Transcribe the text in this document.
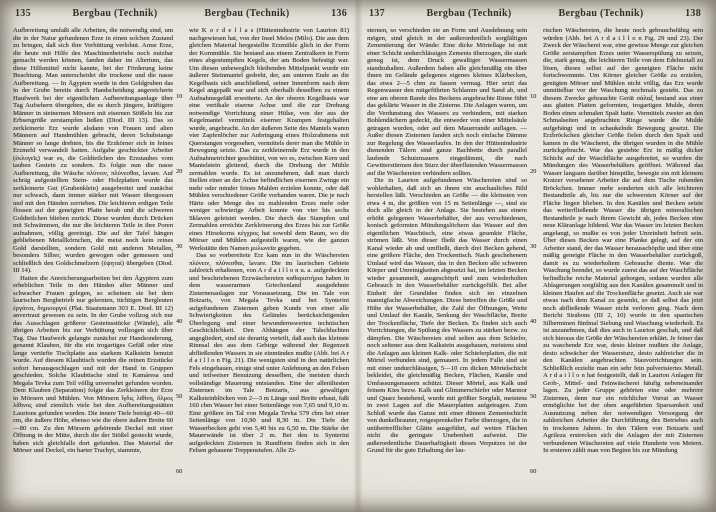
135	Bergbau (Technik)	Bergbau (Technik)	136

Aufbereitung umfaßt alle Arbeiten, die notwendig sind, um die in der Natur gefundenen Erze in einen solchen Zustand zu bringen, daß sich ihre Verhüttung verlohnt. Arme Erze, die heute mit Hilfe des Maschinenbetriebs noch nutzbar gemacht werden können, fanden daher im Altertum, das diese Hilfsmittel nicht kannte, bei der Förderung keine Beachtung. Man unterscheidet die trockene und die nasse Aufbereitung. — In Ägypten wurde in den Goldgruben das in der Grube bereits durch Handscheidung angereicherte Haufwerk bei der eigentlichen Aufbereitungsanlage über Tag Aufsehern übergeben, die es durch jüngere, kräftigere Männer in steinernen Mörsern mit eisernen Stößeln bis zur Erbsengröße zerstampfen ließen (Diod. III 13). Das so zerkleinerte Erz wurde alsdann von Frauen und alten Männern auf Handmühlen gebracht, deren Schubstange Männer so lange drehten, bis die Erzkörner sich in feines Erzmehl verwandelt hatten. Aufgabe geschickter Arbeiter (ἐκλογεῖς) war es, die Goldteilchen des Erzstaubes vom tauben Gestein zu sondern. Es folgte nun die nasse Aufbereitung, die Wäsche πλύνειν, πλύνεσθαι, lavare. Auf schräg aufgestellten Stein- oder Holzplatten wurde das zerkleinerte Gut (Grubenklein) ausgebreitet und zunächst nur schwach, dann immer stärker mit Wasser übergossen und mit den Händen zerrieben. Die leichteren erdigen Teile flossen auf der geneigten Platte herab und die schweren Goldteilchen blieben zurück. Diese wurden durch Drücken mit Schwämmen, die nur die leichteren Teile in ihre Poren aufnahmen, völlig gereinigt. Die auf der Tafel hängen gebliebenen Metallkörnchen, die meist noch kein reines Gold darstellten, sondern Gold mit anderen Metallen, besonders Silber, wurden gewogen oder gemessen und schließlich den Goldschmelzern (ἑψηταί) übergeben (Diod. III 14).

Hatten die Anreicherungsarbeiten bei den Ägyptern zum erheblichen Teile in den Händen alter Männer und schwacher Frauen gelegen, so scheinen sie bei dem laurischen Bergbetrieb nur gelernten, tüchtigen Bergleuten ἐργάται, δημιουργοί (Plat. Staatsmann 303 E. Diod. III 12) anvertraut gewesen zu sein. In der Grube vollzog sich nur das Ausschlagen größerer Gesteinsstücke (Wände), alle übrigen Arbeiten bis zur Verhüttung vollzogen sich über Tag. Das Haufwerk gelangte zunächst zur Handsonderung, genannt Klauben, für die ein trogartiges Gefäß oder eine lange vertiefte Tischplatte aus starkem Kalkstein benutzt wurde. Auf diesem Klaubtisch wurden die reinen Erzstücke sofort herausgeschlagen und mit der Hand in Gruppen geschieden. Solche Klaubtische sind in Kamáresa und Megala Tevka zum Teil völlig unversehrt gefunden worden. Dem Klauben (Separation) folgte das Zerkleinern der Erze in Mörsern und Mühlen. Von Mörsern ἴγδις λιθίνη, ὅλμος λίθινος sind ziemlich viele bei den Aufbereitungsstätten Laurions gefunden worden. Die innere Tiefe beträgt 40—60 cm, die äußere Höhe, ebenso wie die obere äußere Breite 60—80 cm. Zu den Mörsern gehörende Deckel mit einer Öffnung in der Mitte, durch die der Stößel gesteckt wurde, haben sich gleichfalls dort gefunden. Das Material der Mörser und Deckel, ein harter Trachyt, stammte,

10
20
30
40
50
60

wie K o r d e l l a s (Hüttenindustrie von Laurion 81) nachgewiesen hat, von der Insel Melos (Milo). Die aus dem gleichen Material hergestellte Erzmühle glich in der Form der Kornmühle. Sie bestand aus einem Zentralkern in Form eines abgestumpften Kegels, der am Boden befestigt war. Um diesen unbeweglich bleibenden Mittelpunkt wurde ein äußerer Steinmantel gedreht, der, am unteren Ende an die Kegelbasis sich anschließend, seiner Innenform nach dem Kegel angepaßt war und sich oberhalb desselben zu einem Aufnahmegefäß erweiterte. An der oberen Kegelbasis war eine vertikale eiserne Achse und die zur Drehung notwendige Vorrichtung einer Hülse, von der aus der Kegelmantel vermittels eiserner Krampen festgehalten wurde, angebracht. An der äußeren Seite des Mantels waren vier Zapfenlöcher zur Anbringung eines Holzrahmens mit Querstangen vorgesehen, vermittels derer man die Mühle in Bewegung setzte. Das zu zerkleinernde Erz wurde in den Aufnahmetrichter geschüttet, von wo es, zwischen Kern und Mantelstein gleitend, durch die Drehung der Mühle zermahlen wurde. Es ist anzunehmen, daß man durch Stellen einer an der Achse befindlichen eisernen Zwinge ein mehr oder minder feines Mahlen erzielen konnte, oder daß Mühlen verschiedener Größe vorhanden waren. Die je nach Härte oder Menge des zu mahlenden Erzes mehr oder weniger schwierige Arbeit konnte von vier bis sechs Sklaven geleistet werden. Die durch das Stampfen und Zermahlen erreichte Zerkleinerung des Erzes bis zur Größe eines Hirsekorns κέγχρος hat sowohl dem Raum, wo die Mörser und Mühlen aufgestellt waren, wie der ganzen Werkstätte den Namen μυλωνεῖα gegeben.

Das so vorbereitete Erz kam nun in die Wäschereien πλύνειν, πλύνεσθαι, lavare. Die im laurischen Gebiete zahlreich erhaltenen, von A r d a i l l o n u. a. aufgedeckten und beschriebenen Erzwäschereien καθαριστήρια haben in dem wasserarmen Griechenland ausgedehnte Zisternenanlagen zur Voraussetzung. Die im Tale von Botzaris, von Megala Tevka und bei Synterini aufgefundenen Zisternen geben Kunde von einer alle Schwierigkeiten des Geländes berücksichtigenden Überlegung und einer bewundernswerten technischen Geschicklichkeit. Den Abhängen der Talschluchten angegliedert, sind sie derartig verteilt, daß auch das kleinste Rinnsal des aus dem Gebirge während der Regenzeit abfließenden Wassers in sie einmünden mußte (Abb. bei A r d a i l l o n Fig. 21). Die wenigsten sind in den natürlichen Fels eingehauen, einige sind unter Anlehnung an den Felsen und teilweiser Benutzung desselben, die meisten durch vollständige Mauerung entstanden. Eine der allerältesten Zisternen im Tale Botzaris, aus gewaltigen Kalksteinblöcken von 2—3 m Länge und Breite erbaut, faßt 160 cbm Wasser bei einer Seitenlänge von 7,65 und 9,10 m. Eine größere im Tal von Megala Tevka 579 cbm bei einer Seitenlänge von 10,90 und 8,30 m. Die Tiefe der Wasserbecken geht von 5,40 bis zu 6,50 m. Die Stärke der Mauerwände ist über 2 m. Bei den in Synterini aufgedeckten Zisternen in Rundform finden sich in den Felsen gehauene Treppenstufen. Alle Zi-

137	Bergbau (Technik)	Bergbau (Technik)	138

sternen, so verschieden sie an Form und Ausdehnung sein mögen, sind gleich in der außerordentlich sorgfältigen Zementierung der Wände: Eine dicke Mörtellage ist mit einer Schicht undurchlässigen Zements überzogen, die stark genug ist, dem Druck gewaltiger Wassermassen standzuhalten. Außerdem haben alle gleichmäßig ein über ihnen im Gelände gelegenes eigenes kleines Klärbecken, das etwa 2—5 cbm zu fassen vermag. Hier setzt das Regenwasser den mitgeführten Schlamm und Sand ab, und eine am oberen Rande des Beckens angebrachte Rinne führt das geklärte Wasser in die Zisterne. Die Anlagen waren, um die Verdunstung des Wassers zu verhindern, mit starken Bohlendächern gedeckt, die entweder von einer Mittelsäule getragen wurden, oder auf dem Mauerrande auflagen. — Außer diesen Zisternen fanden sich noch einfache Dämme zur Regelung des Wasserlaufes. In den der Hüttenindustrie dienenden Tälern sind ganze Bachbette durch parallel laufende Schutzmauern eingedämmt, die nach Gewitterstürmen den Sturz der überflutenden Wassermassen auf die Wäschereien verhindern sollten.

Die in Laurion aufgefundenen Wäschereien sind so wohlerhalten, daß sich an ihnen ein anschauliches Bild herstellen läßt. Verschieden an Größe — die kleinsten von etwa 4 m, die größten von 15 m Seitenlänge —, sind sie doch alle gleich in der Anlage. Sie bestehen aus einem erhöht gelegenen Wasserbehälter, der aus verschiedenen, konisch geformten Mündungslöchern das Wasser auf den eigentlichen Waschtisch, eine etwas gesenkte Fläche, strömen läßt. Von dieser fließt das Wasser durch einen Kanal wieder ab und umfließt, durch drei Becken gehend, eine größere Fläche, den Trockentisch. Nach geschehenem Umlauf wird das Wasser, das in den Becken alle schweren Körper und Unreinigkeiten abgesetzt hat, im letzten Becken wieder gesammelt, ausgeschöpft und zum wiederholten Gebrauch in den Wasserbehälter zurückgefüllt. Bei aller Einheit der Grundidee finden sich im einzelnen mannigfache Abweichungen. Diese betreffen die Größe und Höhe der Wasserbehälter, die Zahl der Öffnungen, Weite und Umlauf der Kanäle, Senkung der Waschfläche, Breite der Trockenfläche, Tiefe der Becken. Es finden sich auch Vorrichtungen, die Spülung des Wassers zu stärken bezw. zu dämpfen. Die Wäschereien sind selten aus dem Schiefer, noch seltener aus dem Kalkstein ausgehauen, meistens sind die Anlagen aus kleinen Kalk- oder Schieferplatten, die mit Mörtel verbunden sind, gemauert. In jedem Falle sind sie mit einer undurchlässigen, 5—10 cm dicken Mörtelschicht bekleidet, die gleichmäßig Becken, Flächen, Kanäle und Umfassungsmauern schützt. Dieser Mörtel, aus Kalk und feinem Kies bezw. Kalk und Glimmerschiefer oder Marmor und Quarz bestehend, wurde mit größter Sorgfalt, meistens in zwei Lagen auf die Mauerplatten aufgetragen. Zum Schluß wurde das Ganze mit einer dünnen Zementschicht von dunkelbrauner, rotgesprenkelter Farbe überzogen, die in unübertrefflicher Glätte ausgeführt, auf weiten Flächen nicht die geringste Unebenheit aufweist. Die außerordentliche Dauerhaftigkeit dieses Verputzes ist der Grund für die gute Erhaltung der lau-

10
20
30
40
50
60

rischen Wäschereien, die heute noch gebrauchsfähig sein würden (Abb. bei A r d a i l l o n Fig. 29 und 23). Der Zweck der Wäscherei war, eine gewisse Menge zur gleichen Größe zerstampften Erzes unter Wasserspülung zu setzen, die, stark genug, die leichteren Teile von dem Edelmetall zu lösen, dieses selbst auf der geneigten Fläche nicht fortschwemmte. Um Körner gleicher Größe zu erzielen, genügten Mörser und Mühlen nicht völlig, das Erz wurde unmittelbar vor der Waschung nochmals gesiebt. Das zu diesem Zwecke gebrauchte Gerät σάλαξ bestand aus einer aus glatten Platten geformten, trogartigen Mulde, deren Boden einen schmalen Spalt hatte. Vermittels zweier an den Schmalseiten angebrachten Ringe wurde die Mulde aufgehängt und in schaukelnde Bewegung gesetzt. Die Erzbröckchen gleicher Größe fielen durch den Spalt und kamen in die Wäscherei, die übrigen wurden in die Mühle zurückgebracht. War das gesiebte Erz in mäßig dicker Schicht auf der Waschfläche ausgebreitet, so wurden die Mündungen des Wasserbehälters geöffnet. Während das Wasser langsam darüber hinspülte, bewegte ein mit kleinem Kratzer versehener Arbeiter die auf dem Tische ruhenden Bröckchen. Immer mehr sonderten sich alle leichteren Bestandteile ab, bis nur die schwersten Körner auf der Fläche liegen blieben. In den Kanälen und Becken setzte das weiterfließende Wasser die übrigen mineralischen Bestandteile je nach ihrem Gewicht ab, jedes Becken eine neue Kläranlage bildend. War das Wasser im letzten Becken angelangt, so mußte es von jeder Unreinheit befreit sein. Über dieses Becken war eine Planke gelegt, auf der ein Arbeiter stand, der das Wasser herausschöpfte und über eine mäßig geneigte Fläche in den Wasserbehälter zurückgoß, damit es zu wiederholtem Gebrauche diente. War die Waschung beendet, so wurde zuerst das auf der Waschfläche befindliche reiche Material geborgen, sodann wurden alle Ablagerungen sorgfältig aus den Kanälen gesammelt und in kleinen Haufen auf die Trockenfläche gesetzt. Auch sie war etwas nach dem Kanal zu gesenkt, so daß selbst das jetzt noch abfließende Wasser nicht verloren ging. Nach dem Bericht Strabons (III 2, 10) wurde in den spanischen Silberminen fünfmal Siebung und Waschung wiederholt. Es ist anzunehmen, daß dies auch in Laurion geschah, und daß sich hieraus die Größe der Wäschereien erklärt. Je feiner das zu waschende Erz war, desto kleiner mußten die Anlage, desto schwächer der Wassersturz, desto zahlreicher die in den Kanälen angebrachten Stauvorrichtungen sein. Schließlich erzielte man ein sehr fein pulverisiertes Metall. A r d a i l l o n hat festgestellt, daß in Laurion Anlagen für Grob-, Mittel- und Feinwäscherei häufig nebeneinander lagen. Zu jeder Gruppe gehörten eine oder mehrere Zisternen, denn nur ein reichlicher Vorrat an Wasser ermöglichte bei der oben angeführten Sparsamkeit und Ausnutzung neben der notwendigen Versorgung der zahlreichen Arbeiter die Durchführung des Betriebes auch in trockenen Jahren. In den Tälern von Botzaris und Agrileza erstrecken sich die Anlagen der mit Zisternen verbundenen Wäschereien auf viele Hunderte von Metern. In ersteren zählt man von Beginn bis zur Mündung
